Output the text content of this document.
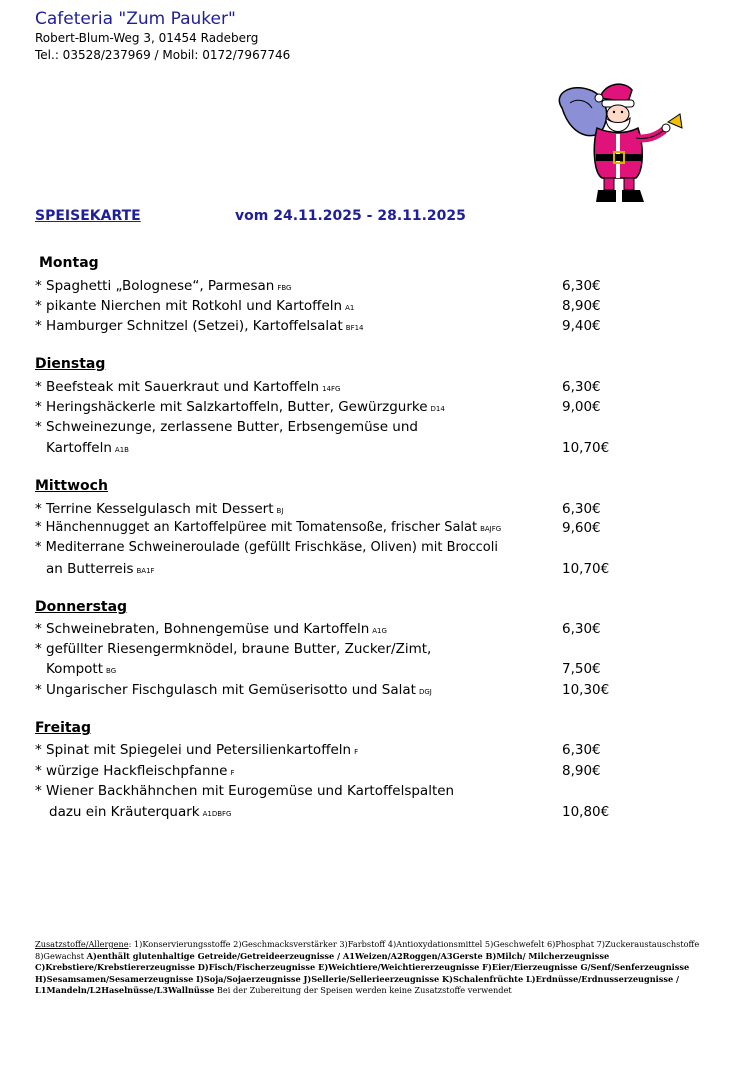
Cafeteria "Zum Pauker"

Robert-Blum-Weg 3, 01454 Radeberg

Tel.: 03528/237969 / Mobil: 0172/7967746

SPEISEKARTE	vom 24.11.2025 - 28.11.2025
Montag
* Spaghetti „Bolognese“, Parmesan FBG	6,30€
* pikante Nierchen mit Rotkohl und Kartoffeln A1	8,90€
* Hamburger Schnitzel (Setzei), Kartoffelsalat BF14	9,40€
Dienstag
* Beefsteak mit Sauerkraut und Kartoffeln 14FG	6,30€
* Heringshäckerle mit Salzkartoffeln, Butter, Gewürzgurke D14	9,00€
* Schweinezunge, zerlassene Butter, Erbsengemüse und
Kartoffeln A1B	10,70€
Mittwoch
* Terrine Kesselgulasch mit Dessert BJ	6,30€
* Hänchennugget an Kartoffelpüree mit Tomatensoße, frischer Salat BAJFG	9,60€
* Mediterrane Schweineroulade (gefüllt Frischkäse, Oliven) mit Broccoli
an Butterreis BA1F	10,70€
Donnerstag
* Schweinebraten, Bohnengemüse und Kartoffeln A1G	6,30€
* gefüllter Riesengermknödel, braune Butter, Zucker/Zimt,
Kompott BG	7,50€
* Ungarischer Fischgulasch mit Gemüserisotto und Salat DGJ	10,30€
Freitag
* Spinat mit Spiegelei und Petersilienkartoffeln F	6,30€
* würzige Hackfleischpfanne F	8,90€
* Wiener Backhähnchen mit Eurogemüse und Kartoffelspalten
dazu ein Kräuterquark A1DBFG	10,80€
Zusatzstoffe/Allergene: 1)Konservierungsstoffe 2)Geschmacksverstärker 3)Farbstoff 4)Antioxydationsmittel 5)Geschwefelt 6)Phosphat 7)Zuckeraustauschstoffe 8)Gewachst A)enthält glutenhaltige Getreide/Getreideerzeugnisse / A1Weizen/A2Roggen/A3Gerste B)Milch/ Milcherzeugnisse C)Krebstiere/Krebstiererzeugnisse D)Fisch/Fischerzeugnisse E)Weichtiere/Weichtiererzeugnisse F)Eier/Eierzeugnisse G/Senf/Senferzeugnisse H)Sesamsamen/Sesamerzeugnisse I)Soja/Sojaerzeugnisse J)Sellerie/Sellerieerzeugnisse K)Schalenfrüchte L)Erdnüsse/Erdnusserzeugnisse / L1Mandeln/L2Haselnüsse/L3Wallnüsse Bei der Zubereitung der Speisen werden keine Zusatzstoffe verwendet
